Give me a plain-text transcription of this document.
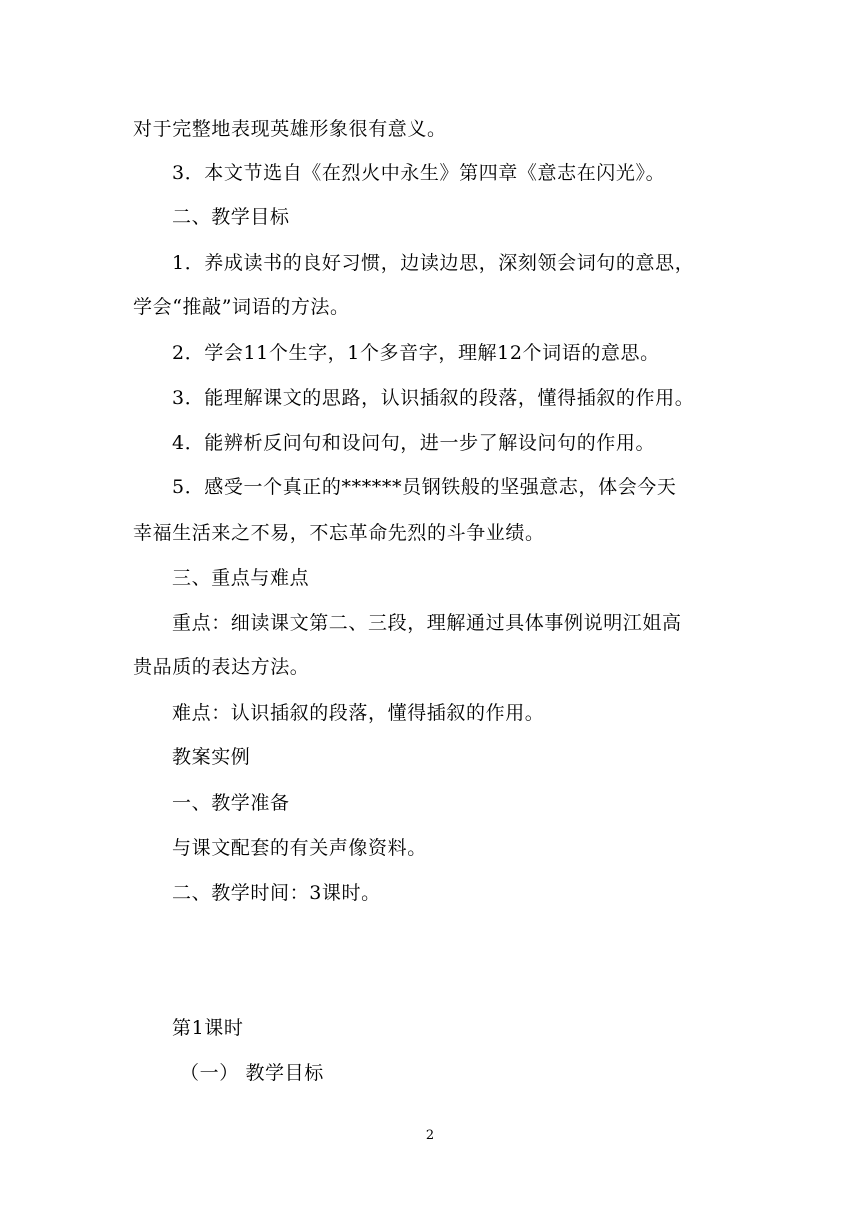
对于完整地表现英雄形象很有意义。
3．本文节选自《在烈火中永生》第四章《意志在闪光》。
二、教学目标
1．养成读书的良好习惯，边读边思，深刻领会词句的意思，
学会“推敲”词语的方法。
2．学会11个生字，1个多音字，理解12个词语的意思。
3．能理解课文的思路，认识插叙的段落，懂得插叙的作用。
4．能辨析反问句和设问句，进一步了解设问句的作用。
5．感受一个真正的******员钢铁般的坚强意志，体会今天
幸福生活来之不易，不忘革命先烈的斗争业绩。
三、重点与难点
重点：细读课文第二、三段，理解通过具体事例说明江姐高
贵品质的表达方法。
难点：认识插叙的段落，懂得插叙的作用。
教案实例
一、教学准备
与课文配套的有关声像资料。
二、教学时间：3课时。
第1课时
（一） 教学目标
2
